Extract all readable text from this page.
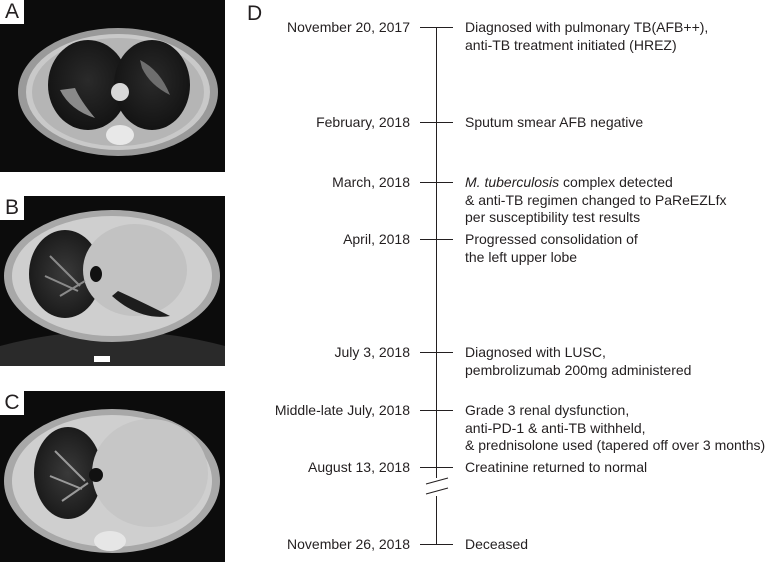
A
B
C
D
November 20, 2017	Diagnosed with pulmonary TB(AFB++),
anti-TB treatment initiated (HREZ)
February, 2018	Sputum smear AFB negative
March, 2018	M. tuberculosis complex detected
& anti-TB regimen changed to PaReEZLfx
per susceptibility test results
April, 2018	Progressed consolidation of
the left upper lobe
July 3, 2018	Diagnosed with LUSC,
pembrolizumab 200mg administered
Middle-late July, 2018	Grade 3 renal dysfunction,
anti-PD-1 & anti-TB withheld,
& prednisolone used (tapered off over 3 months)
August 13, 2018	Creatinine returned to normal
November 26, 2018	Deceased
